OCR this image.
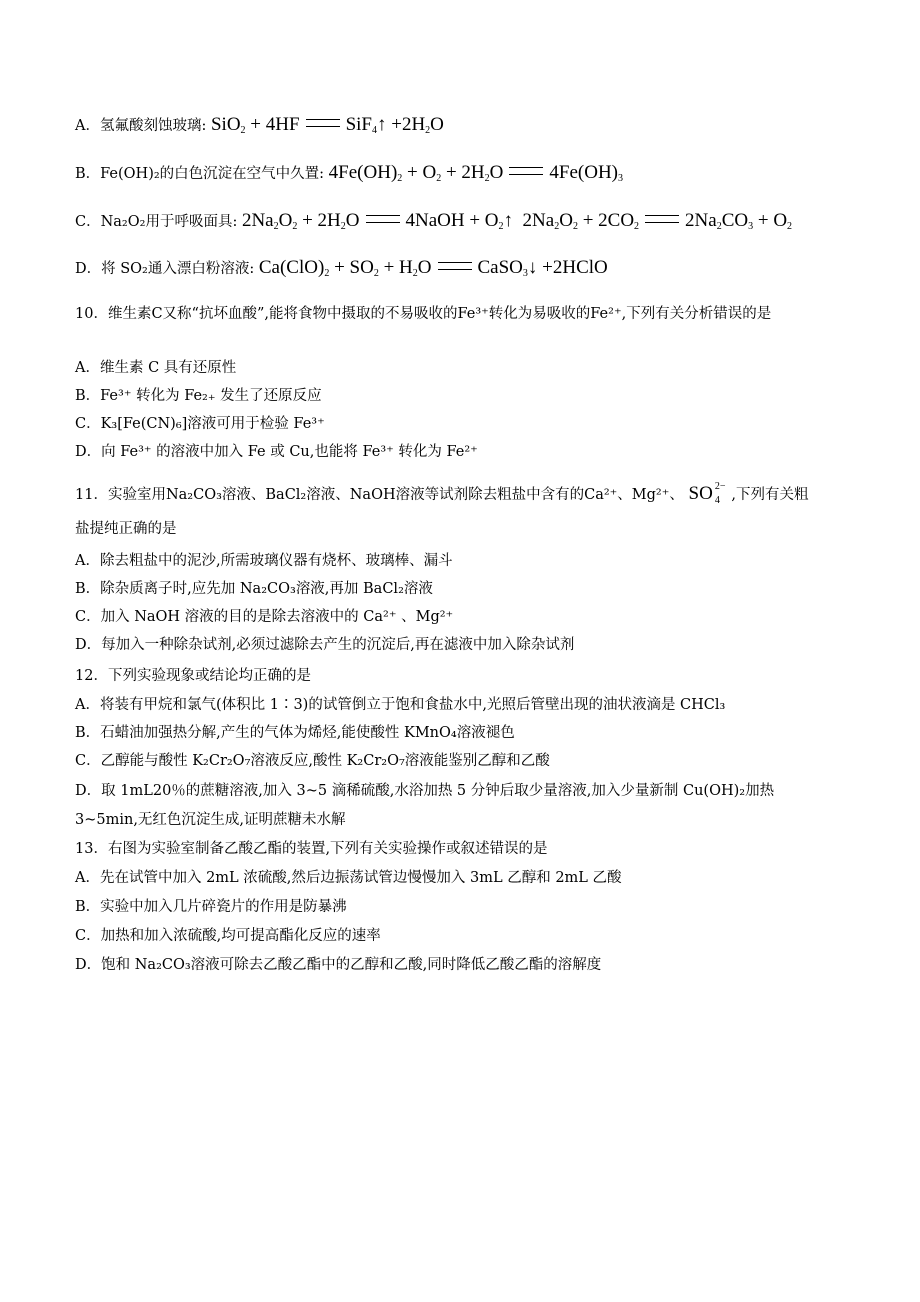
A．氢氟酸刻蚀玻璃: SiO$_2$ + 4HF SiF$_4$↑ $+2H_2O$
B．Fe(OH)₂的白色沉淀在空气中久置: $4Fe(OH)_2 + O_2 + 2H_2O$ $4Fe(OH)_3$
C．Na₂O₂用于呼吸面具: $2Na_2O_2 + 2H_2O$ 4NaOH + $O_2↑$  $2Na_2O_2 + 2CO_2$ $2Na_2CO_3 + O_2$
D．将 SO₂通入漂白粉溶液: $Ca(ClO)_2 + SO_2 + H_2O$ CaSO$_3$↓ +2HClO
10．维生素C又称“抗坏血酸”,能将食物中摄取的不易吸收的Fe³⁺转化为易吸收的Fe²⁺,下列有关分析错误的是
A．维生素 C 具有还原性
B．Fe³⁺ 转化为 Fe₂₊ 发生了还原反应
C．K₃[Fe(CN)₆]溶液可用于检验 Fe³⁺
D．向 Fe³⁺ 的溶液中加入 Fe 或 Cu,也能将 Fe³⁺ 转化为 Fe²⁺
11．实验室用Na₂CO₃溶液、BaCl₂溶液、NaOH溶液等试剂除去粗盐中含有的Ca²⁺、Mg²⁺、 SO 2−
4 ,下列有关粗
盐提纯正确的是
A．除去粗盐中的泥沙,所需玻璃仪器有烧杯、玻璃棒、漏斗
B．除杂质离子时,应先加 Na₂CO₃溶液,再加 BaCl₂溶液
C．加入 NaOH 溶液的目的是除去溶液中的 Ca²⁺ 、Mg²⁺
D．每加入一种除杂试剂,必须过滤除去产生的沉淀后,再在滤液中加入除杂试剂
12．下列实验现象或结论均正确的是
A．将装有甲烷和氯气(体积比 1∶3)的试管倒立于饱和食盐水中,光照后管壁出现的油状液滴是 CHCl₃
B．石蜡油加强热分解,产生的气体为烯烃,能使酸性 KMnO₄溶液褪色
C．乙醇能与酸性 K₂Cr₂O₇溶液反应,酸性 K₂Cr₂O₇溶液能鉴别乙醇和乙酸
D．取 1mL20％的蔗糖溶液,加入 3~5 滴稀硫酸,水浴加热 5 分钟后取少量溶液,加入少量新制 Cu(OH)₂加热
3~5min,无红色沉淀生成,证明蔗糖未水解
13．右图为实验室制备乙酸乙酯的装置,下列有关实验操作或叙述错误的是
A．先在试管中加入 2mL 浓硫酸,然后边振荡试管边慢慢加入 3mL 乙醇和 2mL 乙酸
B．实验中加入几片碎瓷片的作用是防暴沸
C．加热和加入浓硫酸,均可提高酯化反应的速率
D．饱和 Na₂CO₃溶液可除去乙酸乙酯中的乙醇和乙酸,同时降低乙酸乙酯的溶解度
